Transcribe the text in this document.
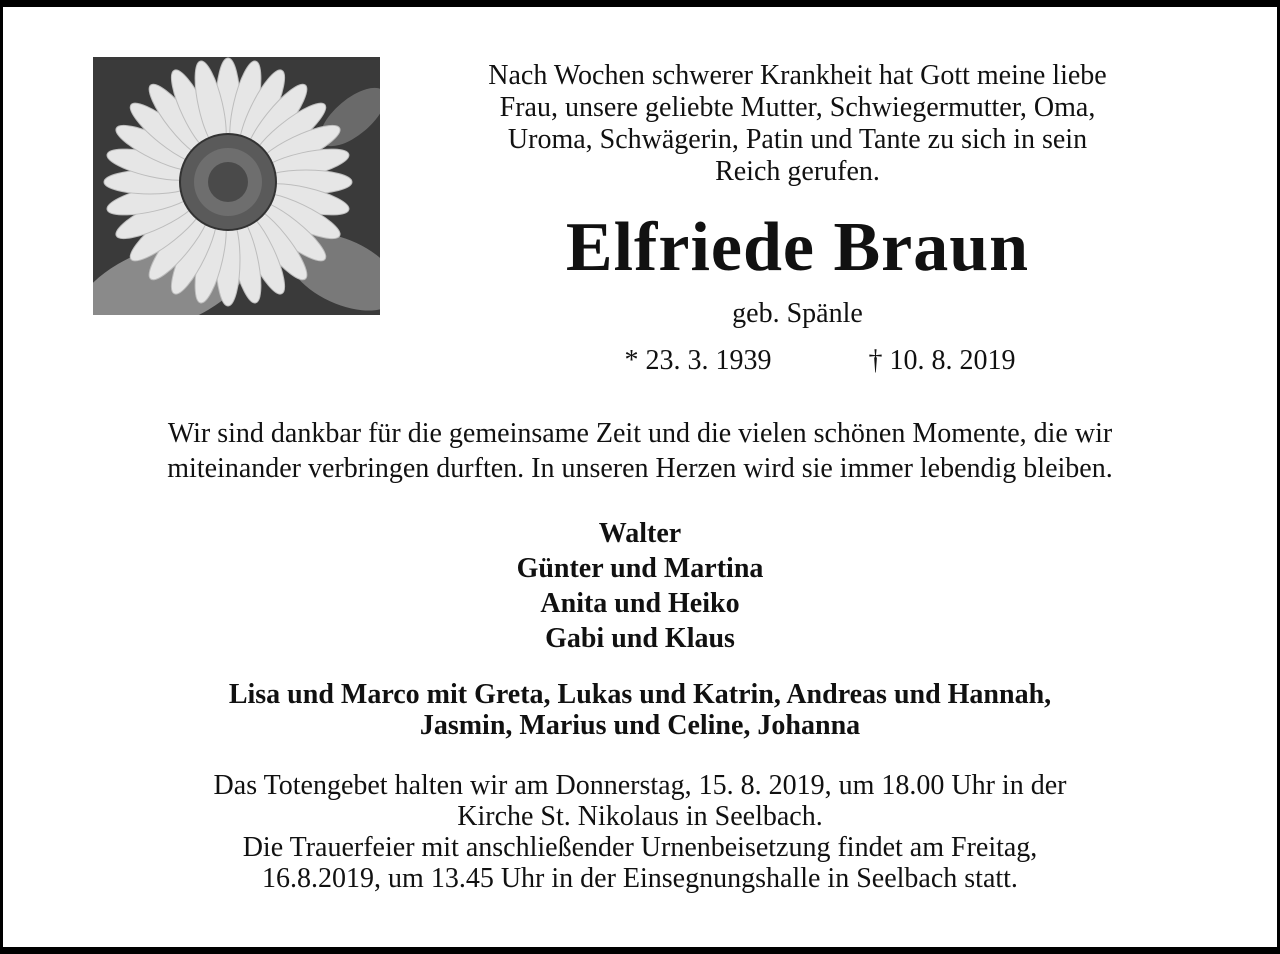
Nach Wochen schwerer Krankheit hat Gott meine liebe
Frau, unsere geliebte Mutter, Schwiegermutter, Oma,
Uroma, Schwägerin, Patin und Tante zu sich in sein
Reich gerufen.
Elfriede Braun
geb. Spänle
* 23. 3. 1939	† 10. 8. 2019
Wir sind dankbar für die gemeinsame Zeit und die vielen schönen Momente, die wir
miteinander verbringen durften. In unseren Herzen wird sie immer lebendig bleiben.
Walter
Günter und Martina
Anita und Heiko
Gabi und Klaus
Lisa und Marco mit Greta, Lukas und Katrin, Andreas und Hannah,
Jasmin, Marius und Celine, Johanna
Das Totengebet halten wir am Donnerstag, 15. 8. 2019, um 18.00 Uhr in der
Kirche St. Nikolaus in Seelbach.
Die Trauerfeier mit anschließender Urnenbeisetzung findet am Freitag,
16.8.2019, um 13.45 Uhr in der Einsegnungshalle in Seelbach statt.
